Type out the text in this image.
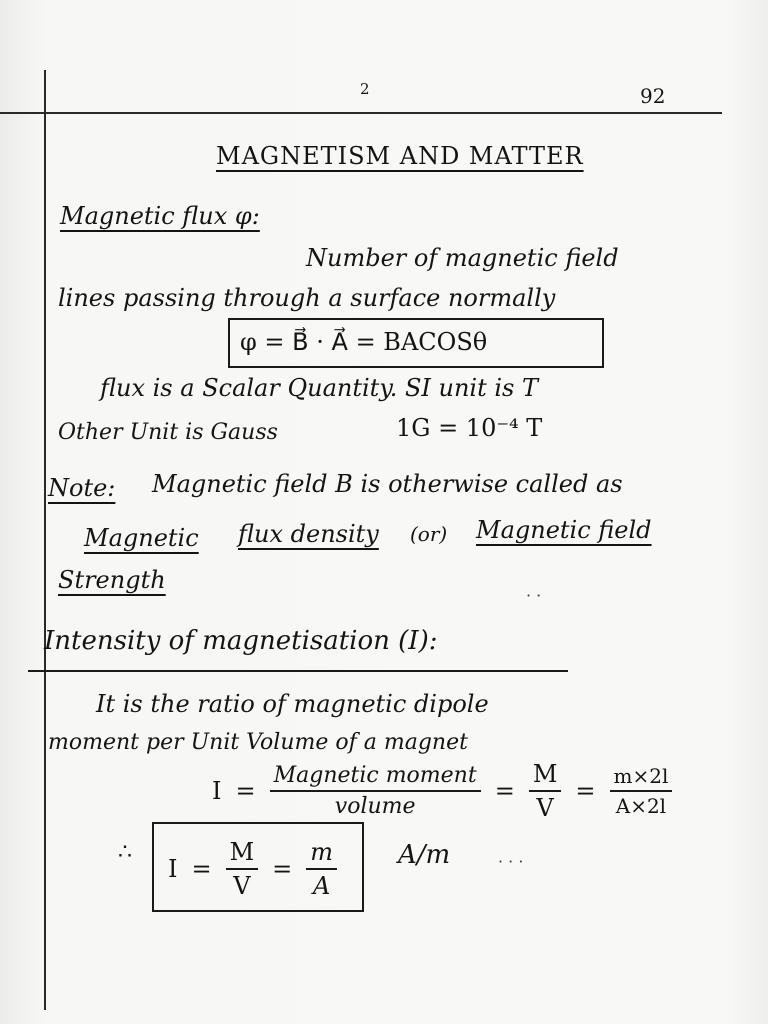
2	92
MAGNETISM AND MATTER
Magnetic flux φ:
Number of magnetic field
lines passing through a surface normally
φ = B⃗ · A⃗ = BACOSθ
flux is a Scalar Quantity. SI unit is T
Other Unit is Gauss	1G = 10⁻⁴ T
Note: Magnetic field B is otherwise called as
Magnetic flux density (or) Magnetic field
Strength
· ·
Intensity of magnetisation (I):
It is the ratio of magnetic dipole
moment per Unit Volume of a magnet
$I = \frac{\text{Magnetic moment}}{\text{volume}} = \frac{M}{V} = \frac{m\times 2l}{A\times 2l}$
∴
$I = \frac{M}{V} = \frac{m}{A} A/m$	· · ·
